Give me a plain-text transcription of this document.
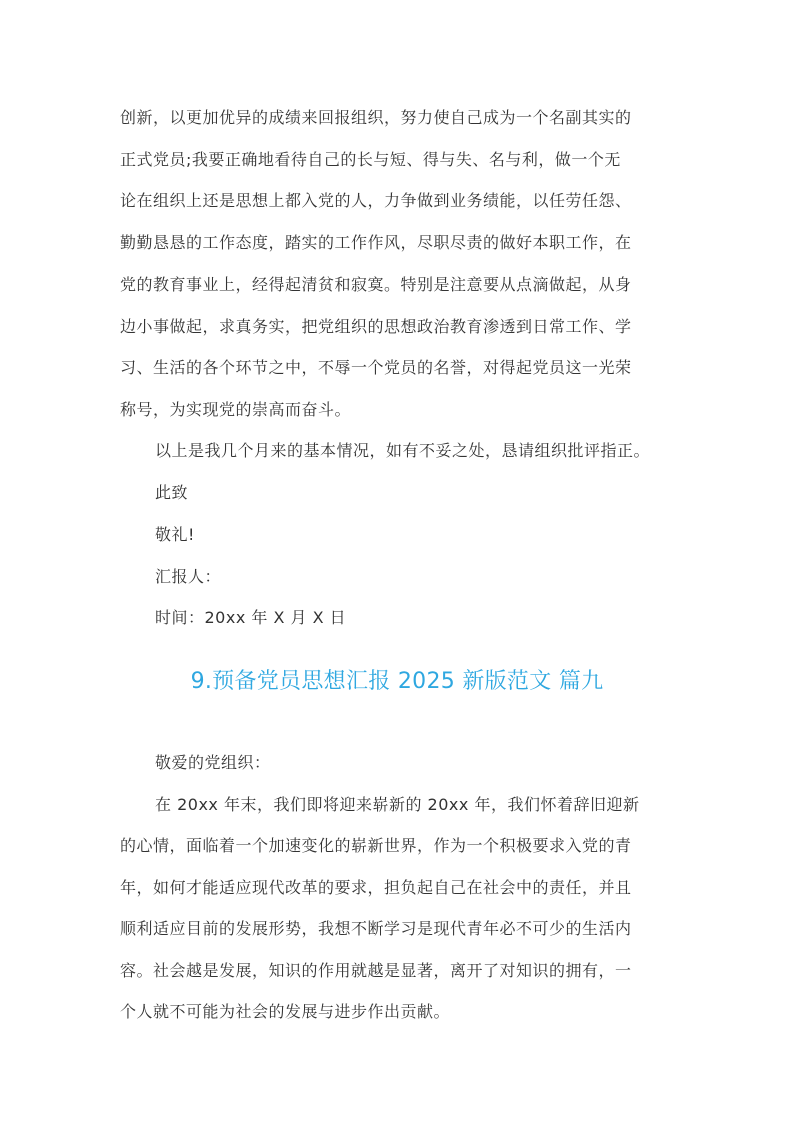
创新，以更加优异的成绩来回报组织，努力使自己成为一个名副其实的
正式党员;我要正确地看待自己的长与短、得与失、名与利，做一个无
论在组织上还是思想上都入党的人，力争做到业务绩能，以任劳任怨、
勤勤恳恳的工作态度，踏实的工作作风，尽职尽责的做好本职工作，在
党的教育事业上，经得起清贫和寂寞。特别是注意要从点滴做起，从身
边小事做起，求真务实，把党组织的思想政治教育渗透到日常工作、学
习、生活的各个环节之中，不辱一个党员的名誉，对得起党员这一光荣
称号，为实现党的崇高而奋斗。
以上是我几个月来的基本情况，如有不妥之处，恳请组织批评指正。
此致
敬礼!
汇报人：
时间：20xx 年 X 月 X 日
9.预备党员思想汇报 2025 新版范文 篇九
敬爱的党组织：
在 20xx 年末，我们即将迎来崭新的 20xx 年，我们怀着辞旧迎新
的心情，面临着一个加速变化的崭新世界，作为一个积极要求入党的青
年，如何才能适应现代改革的要求，担负起自己在社会中的责任，并且
顺利适应目前的发展形势，我想不断学习是现代青年必不可少的生活内
容。社会越是发展，知识的作用就越是显著，离开了对知识的拥有，一
个人就不可能为社会的发展与进步作出贡献。
